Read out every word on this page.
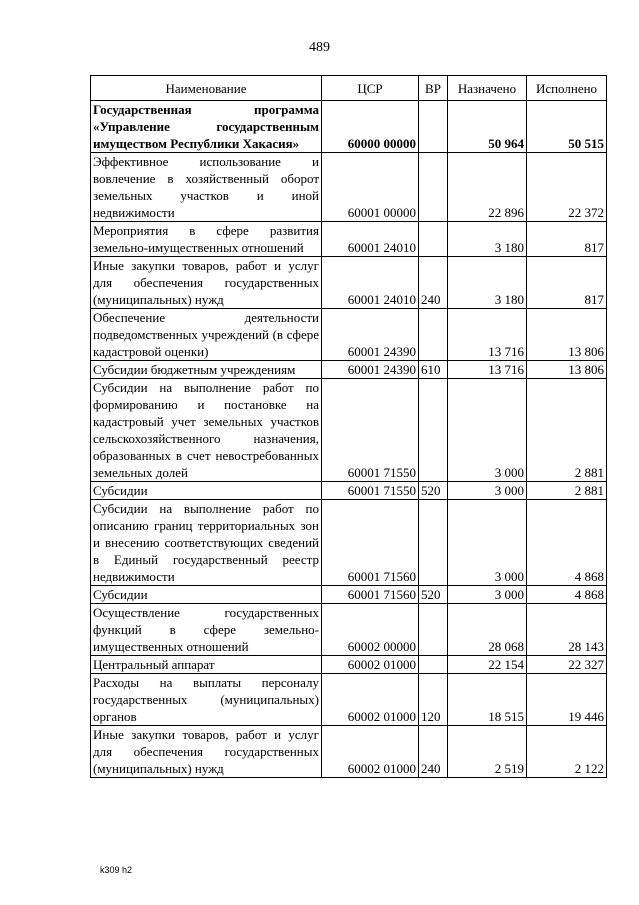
489
Наименование	ЦСР	ВР	Назначено	Исполнено
Государственная программа «Управление государственным имуществом Республики Хакасия»	60000 00000		50 964	50 515
Эффективное использование и вовлечение в хозяйственный оборот земельных участков и иной недвижимости	60001 00000		22 896	22 372
Мероприятия в сфере развития земельно-имущественных отношений	60001 24010		3 180	817
Иные закупки товаров, работ и услуг для обеспечения государственных (муниципальных) нужд	60001 24010	240	3 180	817
Обеспечение деятельности подведомственных учреждений (в сфере кадастровой оценки)	60001 24390		13 716	13 806
Субсидии бюджетным учреждениям	60001 24390	610	13 716	13 806
Субсидии на выполнение работ по формированию и постановке на кадастровый учет земельных участков сельскохозяйственного назначения, образованных в счет невостребованных земельных долей	60001 71550		3 000	2 881
Субсидии	60001 71550	520	3 000	2 881
Субсидии на выполнение работ по описанию границ территориальных зон и внесению соответствующих сведений в Единый государственный реестр недвижимости	60001 71560		3 000	4 868
Субсидии	60001 71560	520	3 000	4 868
Осуществление государственных функций в сфере земельно-имущественных отношений	60002 00000		28 068	28 143
Центральный аппарат	60002 01000		22 154	22 327
Расходы на выплаты персоналу государственных (муниципальных) органов	60002 01000	120	18 515	19 446
Иные закупки товаров, работ и услуг для обеспечения государственных (муниципальных) нужд	60002 01000	240	2 519	2 122
k309 h2
